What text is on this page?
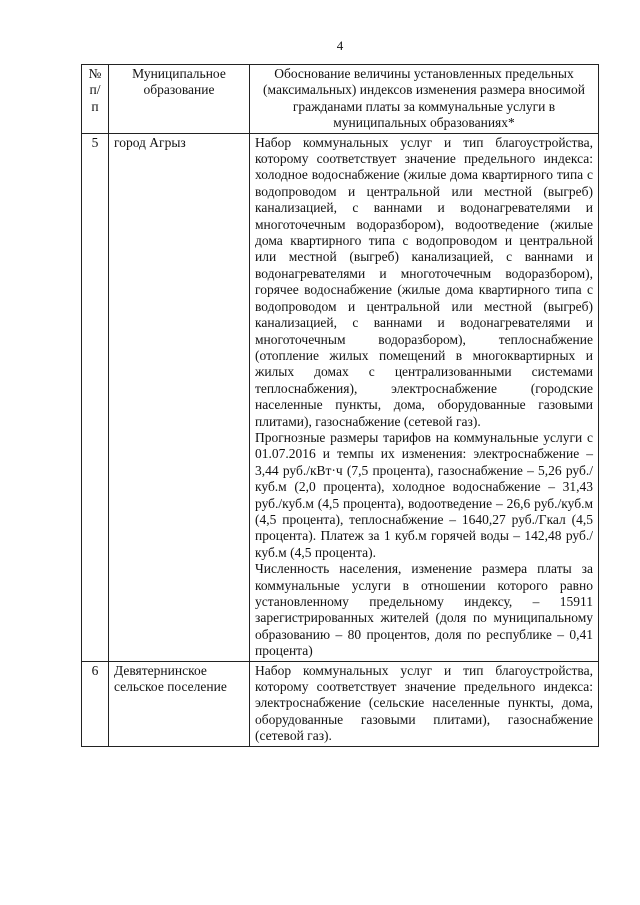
4
№ п/п	Муниципальное образование	Обоснование величины установленных предельных (максимальных) индексов изменения размера вносимой гражданами платы за коммунальные услуги в муниципальных образованиях*
5	город Агрыз	Набор коммунальных услуг и тип благоустройства, которому соответствует значение предельного индекса: холодное водоснабжение (жилые дома квартирного типа с водопроводом и центральной или местной (выгреб) канализацией, с ваннами и водонагревателями и многоточечным водоразбором), водоотведение (жилые дома квартирного типа с водопроводом и центральной или местной (выгреб) канализацией, с ваннами и водонагревателями и многоточечным водоразбором), горячее водоснабжение (жилые дома квартирного типа с водопроводом и центральной или местной (выгреб) канализацией, с ваннами и водонагревателями и многоточечным водоразбором), теплоснабжение (отопление жилых помещений в многоквартирных и жилых домах с централизованными системами теплоснабжения), электроснабжение (городские населенные пункты, дома, оборудованные газовыми плитами), газоснабжение (сетевой газ).

Прогнозные размеры тарифов на коммунальные услуги с 01.07.2016 и темпы их изменения: электроснабжение – 3,44 руб./кВт·ч (7,5 процента), газоснабжение – 5,26 руб./куб.м (2,0 процента), холодное водоснабжение – 31,43 руб./куб.м (4,5 процента), водоотведение – 26,6 руб./куб.м (4,5 процента), теплоснабжение – 1640,27 руб./Гкал (4,5 процента). Платеж за 1 куб.м горячей воды – 142,48 руб./куб.м (4,5 процента).

Численность населения, изменение размера платы за коммунальные услуги в отношении которого равно установленному предельному индексу, – 15911 зарегистрированных жителей (доля по муниципальному образованию – 80 процентов, доля по республике – 0,41 процента)

6	Девятернинское сельское поселение	Набор коммунальных услуг и тип благоустройства, которому соответствует значение предельного индекса: электроснабжение (сельские населенные пункты, дома, оборудованные газовыми плитами), газоснабжение (сетевой газ).
